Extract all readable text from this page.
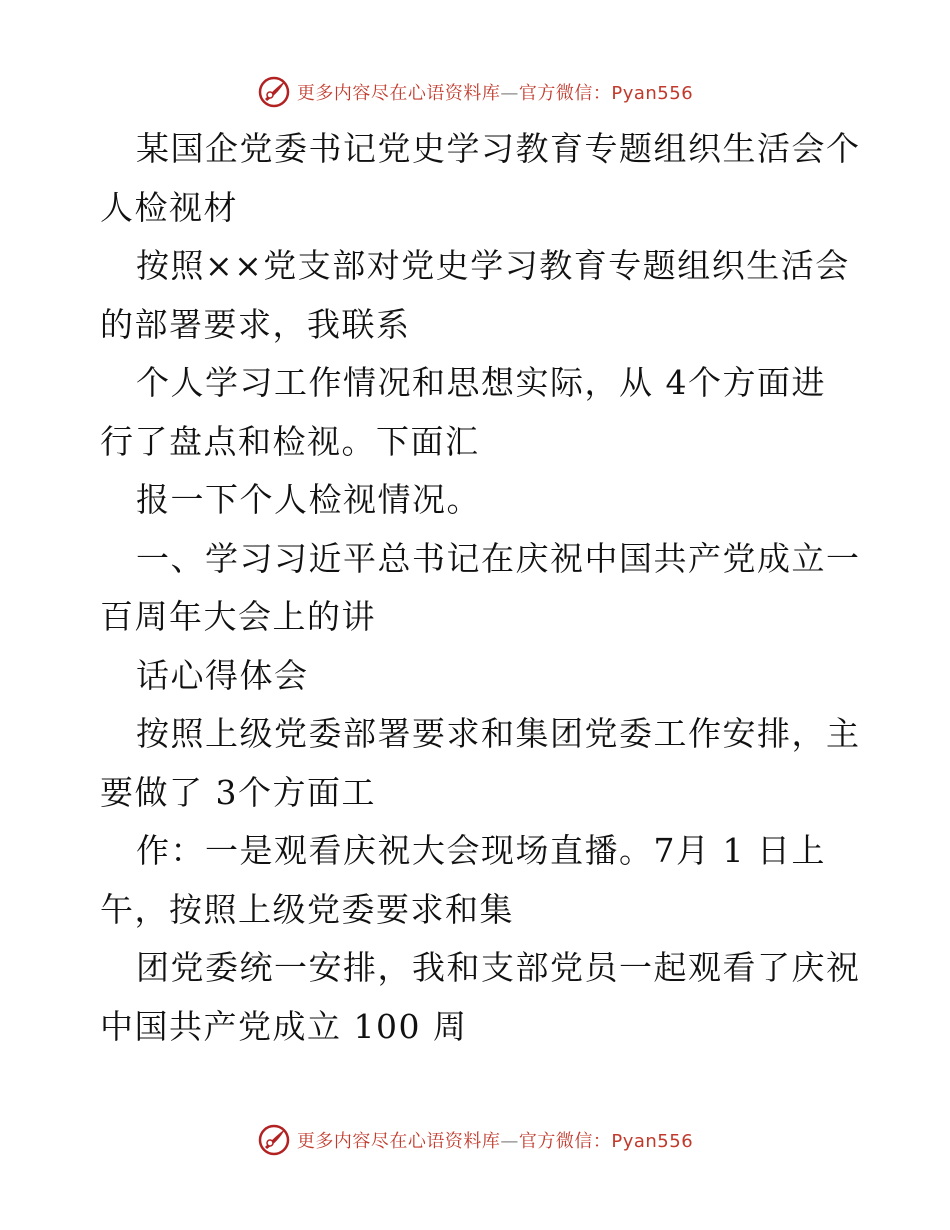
更多内容尽在心语资料库—官方微信：Pyan556
某国企党委书记党史学习教育专题组织生活会个
人检视材
按照××党支部对党史学习教育专题组织生活会
的部署要求，我联系
个人学习工作情况和思想实际，从 4个方面进
行了盘点和检视。下面汇
报一下个人检视情况。
一、学习习近平总书记在庆祝中国共产党成立一
百周年大会上的讲
话心得体会
按照上级党委部署要求和集团党委工作安排，主
要做了 3个方面工
作：一是观看庆祝大会现场直播。7月 1 日上
午，按照上级党委要求和集
团党委统一安排，我和支部党员一起观看了庆祝
中国共产党成立 100 周
更多内容尽在心语资料库—官方微信：Pyan556
